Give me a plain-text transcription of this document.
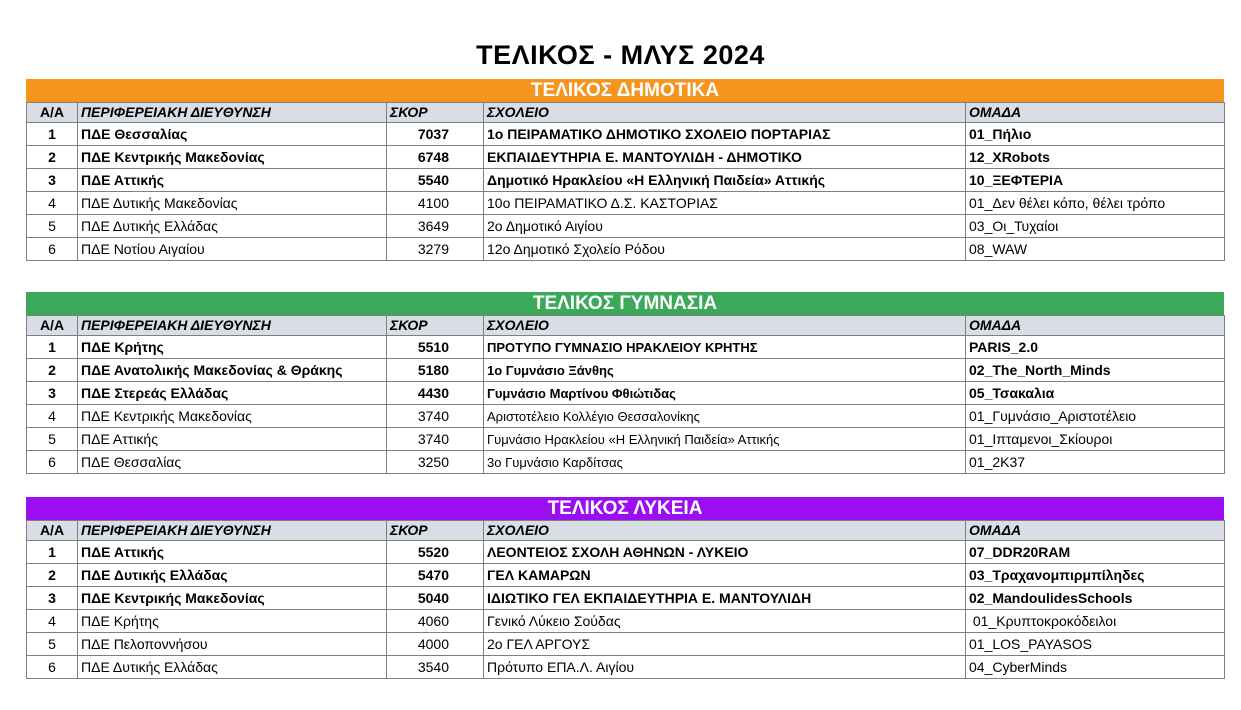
ΤΕΛΙΚΟΣ - ΜΛΥΣ 2024
ΤΕΛΙΚΟΣ ΔΗΜΟΤΙΚΑ
Α/Α	ΠΕΡΙΦΕΡΕΙΑΚΗ ΔΙΕΥΘΥΝΣΗ	ΣΚΟΡ	ΣΧΟΛΕΙΟ	ΟΜΑΔΑ
1	ΠΔΕ Θεσσαλίας	7037	1ο ΠΕΙΡΑΜΑΤΙΚΟ ΔΗΜΟΤΙΚΟ ΣΧΟΛΕΙΟ ΠΟΡΤΑΡΙΑΣ	01_Πήλιο
2	ΠΔΕ Κεντρικής Μακεδονίας	6748	ΕΚΠΑΙΔΕΥΤΗΡΙΑ Ε. ΜΑΝΤΟΥΛΙΔΗ - ΔΗΜΟΤΙΚΟ	12_XRobots
3	ΠΔΕ Αττικής	5540	Δημοτικό Ηρακλείου «Η Ελληνική Παιδεία» Αττικής	10_ΞΕΦΤΕΡΙΑ
4	ΠΔΕ Δυτικής Μακεδονίας	4100	10ο ΠΕΙΡΑΜΑΤΙΚΟ Δ.Σ. ΚΑΣΤΟΡΙΑΣ	01_Δεν θέλει κόπο, θέλει τρόπο
5	ΠΔΕ Δυτικής Ελλάδας	3649	2ο Δημοτικό Αιγίου	03_Οι_Τυχαίοι
6	ΠΔΕ Νοτίου Αιγαίου	3279	12ο Δημοτικό Σχολείο Ρόδου	08_WAW
ΤΕΛΙΚΟΣ ΓΥΜΝΑΣΙΑ
Α/Α	ΠΕΡΙΦΕΡΕΙΑΚΗ ΔΙΕΥΘΥΝΣΗ	ΣΚΟΡ	ΣΧΟΛΕΙΟ	ΟΜΑΔΑ
1	ΠΔΕ Κρήτης	5510	ΠΡΟΤΥΠΟ ΓΥΜΝΑΣΙΟ ΗΡΑΚΛΕΙΟΥ ΚΡΗΤΗΣ	PARIS_2.0
2	ΠΔΕ Ανατολικής Μακεδονίας & Θράκης	5180	1ο Γυμνάσιο Ξάνθης	02_The_North_Minds
3	ΠΔΕ Στερεάς Ελλάδας	4430	Γυμνάσιο Μαρτίνου Φθιώτιδας	05_Τσακαλια
4	ΠΔΕ Κεντρικής Μακεδονίας	3740	Αριστοτέλειο Κολλέγιο Θεσσαλονίκης	01_Γυμνάσιο_Αριστοτέλειο
5	ΠΔΕ Αττικής	3740	Γυμνάσιο Ηρακλείου «Η Ελληνική Παιδεία» Αττικής	01_Ιπταμενοι_Σκίουροι
6	ΠΔΕ Θεσσαλίας	3250	3ο Γυμνάσιο Καρδίτσας	01_2Κ37
ΤΕΛΙΚΟΣ ΛΥΚΕΙΑ
Α/Α	ΠΕΡΙΦΕΡΕΙΑΚΗ ΔΙΕΥΘΥΝΣΗ	ΣΚΟΡ	ΣΧΟΛΕΙΟ	ΟΜΑΔΑ
1	ΠΔΕ Αττικής	5520	ΛΕΟΝΤΕΙΟΣ ΣΧΟΛΗ ΑΘΗΝΩΝ - ΛΥΚΕΙΟ	07_DDR20RAM
2	ΠΔΕ Δυτικής Ελλάδας	5470	ΓΕΛ ΚΑΜΑΡΩΝ	03_Τραχανομπιρμπίληδες
3	ΠΔΕ Κεντρικής Μακεδονίας	5040	ΙΔΙΩΤΙΚΟ ΓΕΛ ΕΚΠΑΙΔΕΥΤΗΡΙΑ Ε. ΜΑΝΤΟΥΛΙΔΗ	02_MandoulidesSchools
4	ΠΔΕ Κρήτης	4060	Γενικό Λύκειο Σούδας	01_Κρυπτοκροκόδειλοι
5	ΠΔΕ Πελοποννήσου	4000	2ο ΓΕΛ ΑΡΓΟΥΣ	01_LOS_PAYASOS
6	ΠΔΕ Δυτικής Ελλάδας	3540	Πρότυπο ΕΠΑ.Λ. Αιγίου	04_CyberMinds
